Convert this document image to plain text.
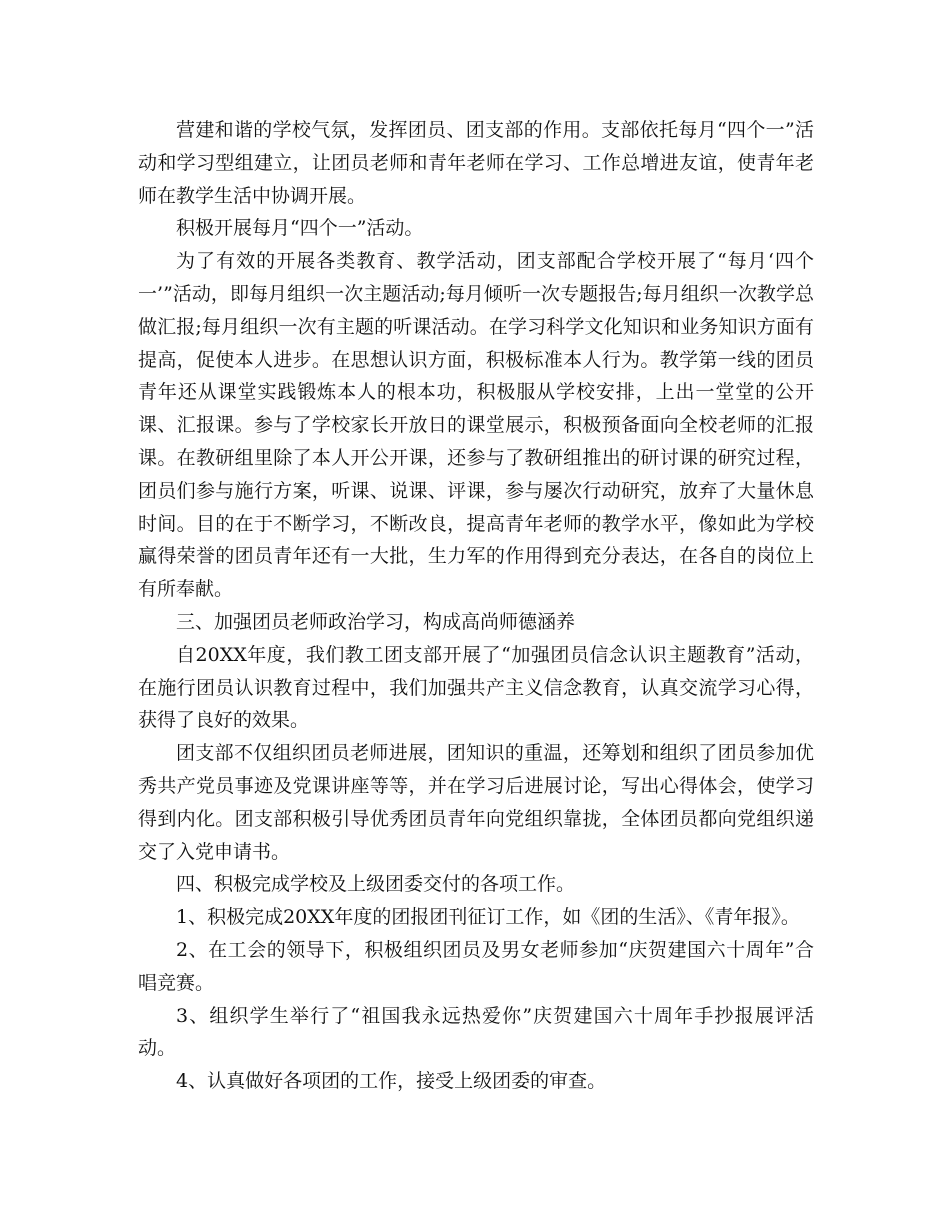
营建和谐的学校气氛，发挥团员、团支部的作用。支部依托每月“四个一”活动和学习型组建立，让团员老师和青年老师在学习、工作总增进友谊，使青年老师在教学生活中协调开展。

积极开展每月“四个一”活动。

为了有效的开展各类教育、教学活动，团支部配合学校开展了“每月‘四个一’”活动，即每月组织一次主题活动;每月倾听一次专题报告;每月组织一次教学总做汇报;每月组织一次有主题的听课活动。在学习科学文化知识和业务知识方面有提高，促使本人进步。在思想认识方面，积极标准本人行为。教学第一线的团员青年还从课堂实践锻炼本人的根本功，积极服从学校安排，上出一堂堂的公开课、汇报课。参与了学校家长开放日的课堂展示，积极预备面向全校老师的汇报课。在教研组里除了本人开公开课，还参与了教研组推出的研讨课的研究过程，团员们参与施行方案，听课、说课、评课，参与屡次行动研究，放弃了大量休息时间。目的在于不断学习，不断改良，提高青年老师的教学水平，像如此为学校赢得荣誉的团员青年还有一大批，生力军的作用得到充分表达，在各自的岗位上有所奉献。

三、加强团员老师政治学习，构成高尚师德涵养

自20XX年度，我们教工团支部开展了“加强团员信念认识主题教育”活动，在施行团员认识教育过程中，我们加强共产主义信念教育，认真交流学习心得，获得了良好的效果。

团支部不仅组织团员老师进展，团知识的重温，还筹划和组织了团员参加优秀共产党员事迹及党课讲座等等，并在学习后进展讨论，写出心得体会，使学习得到内化。团支部积极引导优秀团员青年向党组织靠拢，全体团员都向党组织递交了入党申请书。

四、积极完成学校及上级团委交付的各项工作。

1、积极完成20XX年度的团报团刊征订工作，如《团的生活》、《青年报》。

2、在工会的领导下，积极组织团员及男女老师参加“庆贺建国六十周年”合唱竞赛。

3、组织学生举行了“祖国我永远热爱你”庆贺建国六十周年手抄报展评活动。

4、认真做好各项团的工作，接受上级团委的审查。
